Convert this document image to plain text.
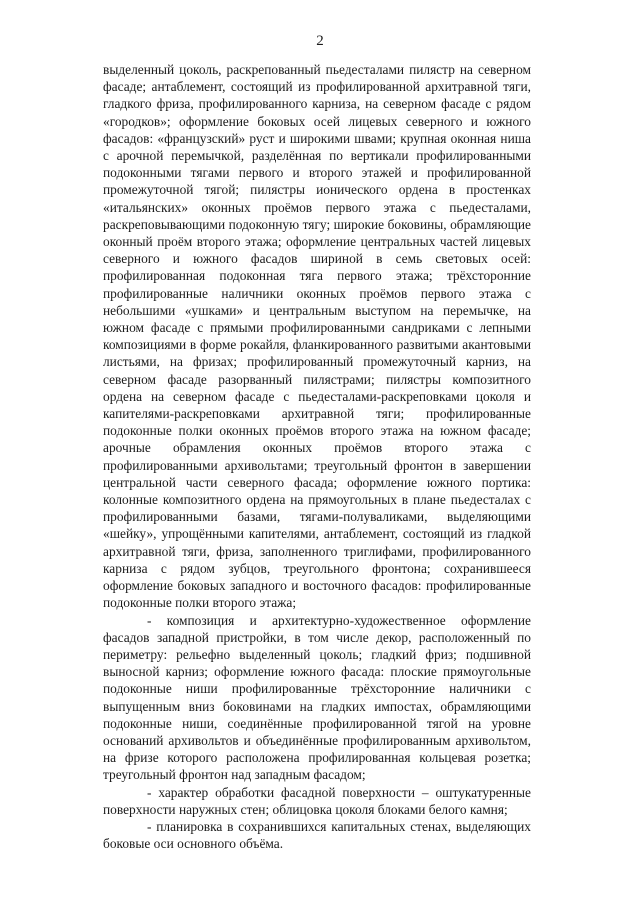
2

выделенный цоколь, раскрепованный пьедесталами пилястр на северном фасаде; антаблемент, состоящий из профилированной архитравной тяги, гладкого фриза, профилированного карниза, на северном фасаде с рядом «городков»; оформление боковых осей лицевых северного и южного фасадов: «французский» руст и широкими швами; крупная оконная ниша с арочной перемычкой, разделённая по вертикали профилированными подоконными тягами первого и второго этажей и профилированной промежуточной тягой; пилястры ионического ордена в простенках «итальянских» оконных проёмов первого этажа с пьедесталами, раскреповывающими подоконную тягу; широкие боковины, обрамляющие оконный проём второго этажа; оформление центральных частей лицевых северного и южного фасадов шириной в семь световых осей: профилированная подоконная тяга первого этажа; трёхсторонние профилированные наличники оконных проёмов первого этажа с небольшими «ушками» и центральным выступом на перемычке, на южном фасаде с прямыми профилированными сандриками с лепными композициями в форме рокайля, фланкированного развитыми акантовыми листьями, на фризах; профилированный промежуточный карниз, на северном фасаде разорванный пилястрами; пилястры композитного ордена на северном фасаде с пьедесталами-раскреповками цоколя и капителями-раскреповками архитравной тяги; профилированные подоконные полки оконных проёмов второго этажа на южном фасаде; арочные обрамления оконных проёмов второго этажа с профилированными архивольтами; треугольный фронтон в завершении центральной части северного фасада; оформление южного портика: колонные композитного ордена на прямоугольных в плане пьедесталах с профилированными базами, тягами-полуваликами, выделяющими «шейку», упрощёнными капителями, антаблемент, состоящий из гладкой архитравной тяги, фриза, заполненного триглифами, профилированного карниза с рядом зубцов, треугольного фронтона; сохранившееся оформление боковых западного и восточного фасадов: профилированные подоконные полки второго этажа;

- композиция и архитектурно-художественное оформление фасадов западной пристройки, в том числе декор, расположенный по периметру: рельефно выделенный цоколь; гладкий фриз; подшивной выносной карниз; оформление южного фасада: плоские прямоугольные подоконные ниши профилированные трёхсторонние наличники с выпущенным вниз боковинами на гладких импостах, обрамляющими подоконные ниши, соединённые профилированной тягой на уровне оснований архивольтов и объединённые профилированным архивольтом, на фризе которого расположена профилированная кольцевая розетка; треугольный фронтон над западным фасадом;

- характер обработки фасадной поверхности – оштукатуренные поверхности наружных стен; облицовка цоколя блоками белого камня;

- планировка в сохранившихся капитальных стенах, выделяющих боковые оси основного объёма.
